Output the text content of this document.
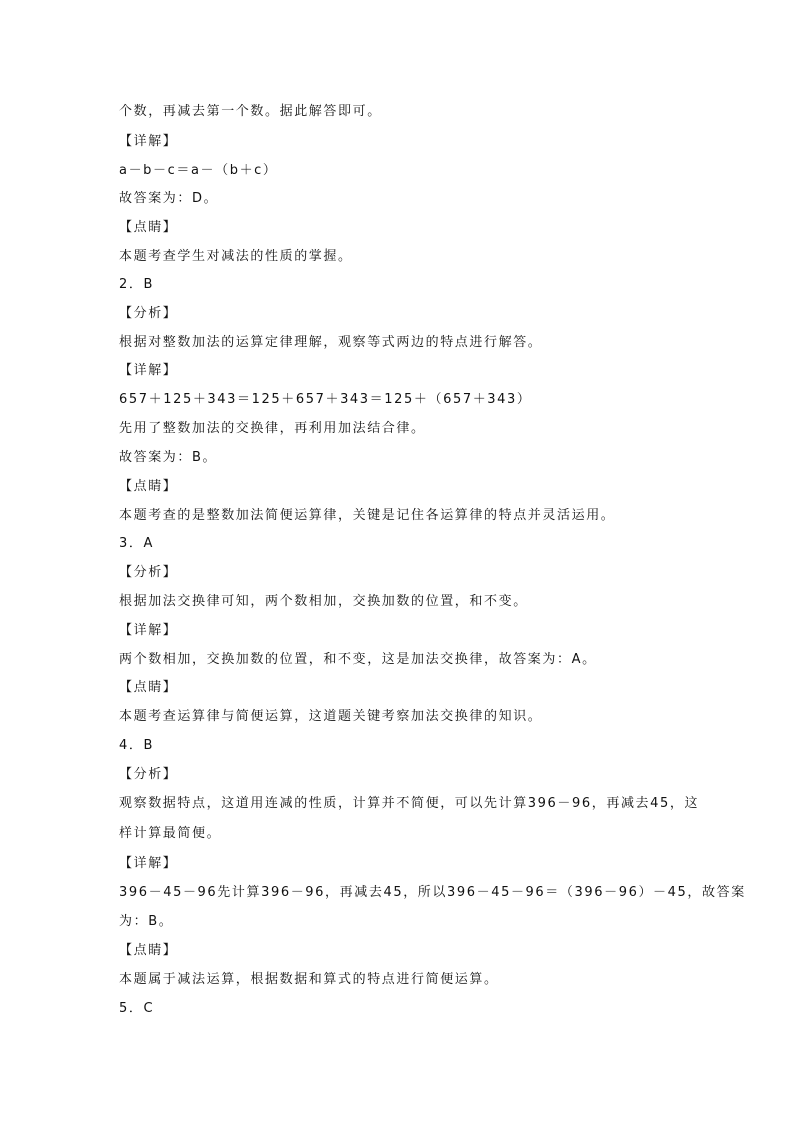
个数，再减去第一个数。据此解答即可。
【详解】
a－b－c＝a－（b＋c）
故答案为：D。
【点睛】
本题考查学生对减法的性质的掌握。
2．B
【分析】
根据对整数加法的运算定律理解，观察等式两边的特点进行解答。
【详解】
657＋125＋343＝125＋657＋343＝125＋（657＋343）
先用了整数加法的交换律，再利用加法结合律。
故答案为：B。
【点睛】
本题考查的是整数加法简便运算律，关键是记住各运算律的特点并灵活运用。
3．A
【分析】
根据加法交换律可知，两个数相加，交换加数的位置，和不变。
【详解】
两个数相加，交换加数的位置，和不变，这是加法交换律，故答案为：A。
【点睛】
本题考查运算律与简便运算，这道题关键考察加法交换律的知识。
4．B
【分析】
观察数据特点，这道用连减的性质，计算并不简便，可以先计算396－96，再减去45，这
样计算最简便。
【详解】
396－45－96先计算396－96，再减去45，所以396－45－96＝（396－96）－45，故答案
为：B。
【点睛】
本题属于减法运算，根据数据和算式的特点进行简便运算。
5．C
